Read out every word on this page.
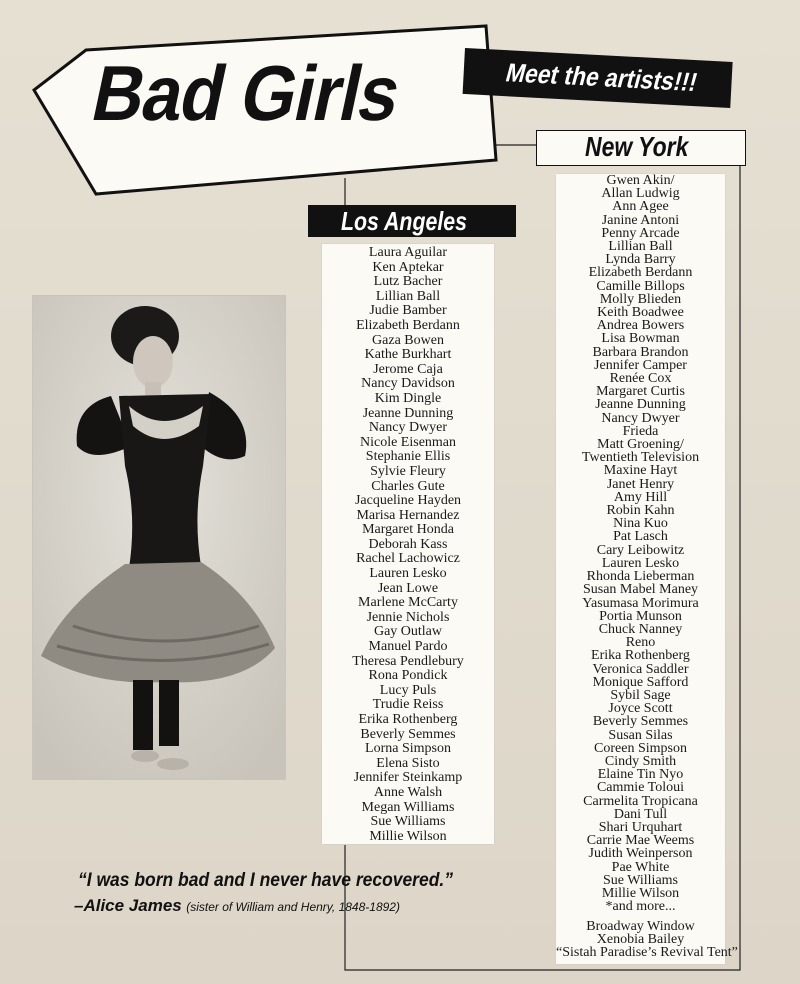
Bad Girls	Meet the artists!!!
New York
Gwen Akin/
Allan Ludwig
Ann Agee
Janine Antoni
Penny Arcade
Lillian Ball
Lynda Barry
Elizabeth Berdann
Camille Billops
Molly Blieden
Keith Boadwee
Andrea Bowers
Lisa Bowman
Barbara Brandon
Jennifer Camper
Renée Cox
Margaret Curtis
Jeanne Dunning
Nancy Dwyer
Frieda
Matt Groening/
Twentieth Television
Maxine Hayt
Janet Henry
Amy Hill
Robin Kahn
Nina Kuo
Pat Lasch
Cary Leibowitz
Lauren Lesko
Rhonda Lieberman
Susan Mabel Maney
Yasumasa Morimura
Portia Munson
Chuck Nanney
Reno
Erika Rothenberg
Veronica Saddler
Monique Safford
Sybil Sage
Joyce Scott
Beverly Semmes
Susan Silas
Coreen Simpson
Cindy Smith
Elaine Tin Nyo
Cammie Toloui
Carmelita Tropicana
Dani Tull
Shari Urquhart
Carrie Mae Weems
Judith Weinperson
Pae White
Sue Williams
Millie Wilson
*and more...
Broadway Window
Xenobia Bailey
“Sistah Paradise’s Revival Tent”
Los Angeles
Laura Aguilar
Ken Aptekar
Lutz Bacher
Lillian Ball
Judie Bamber
Elizabeth Berdann
Gaza Bowen
Kathe Burkhart
Jerome Caja
Nancy Davidson
Kim Dingle
Jeanne Dunning
Nancy Dwyer
Nicole Eisenman
Stephanie Ellis
Sylvie Fleury
Charles Gute
Jacqueline Hayden
Marisa Hernandez
Margaret Honda
Deborah Kass
Rachel Lachowicz
Lauren Lesko
Jean Lowe
Marlene McCarty
Jennie Nichols
Gay Outlaw
Manuel Pardo
Theresa Pendlebury
Rona Pondick
Lucy Puls
Trudie Reiss
Erika Rothenberg
Beverly Semmes
Lorna Simpson
Elena Sisto
Jennifer Steinkamp
Anne Walsh
Megan Williams
Sue Williams
Millie Wilson
“I was born bad and I never have recovered.”
–Alice James (sister of William and Henry, 1848-1892)
